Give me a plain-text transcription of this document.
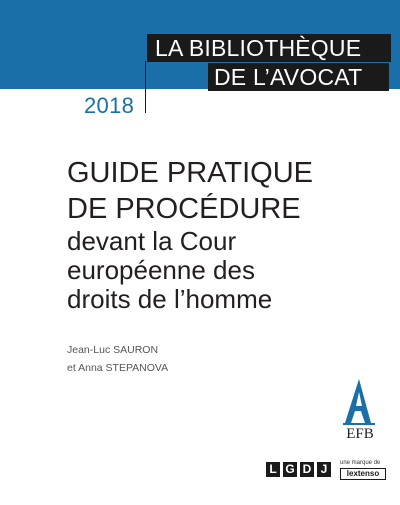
LA BIBLIOTHÈQUE
DE L’AVOCAT
2018
GUIDE PRATIQUE
DE PROCÉDURE
devant la Cour
européenne des
droits de l’homme
Jean-Luc SAURON
et Anna STEPANOVA
EFB
L G D J	une marque de
lextenso
